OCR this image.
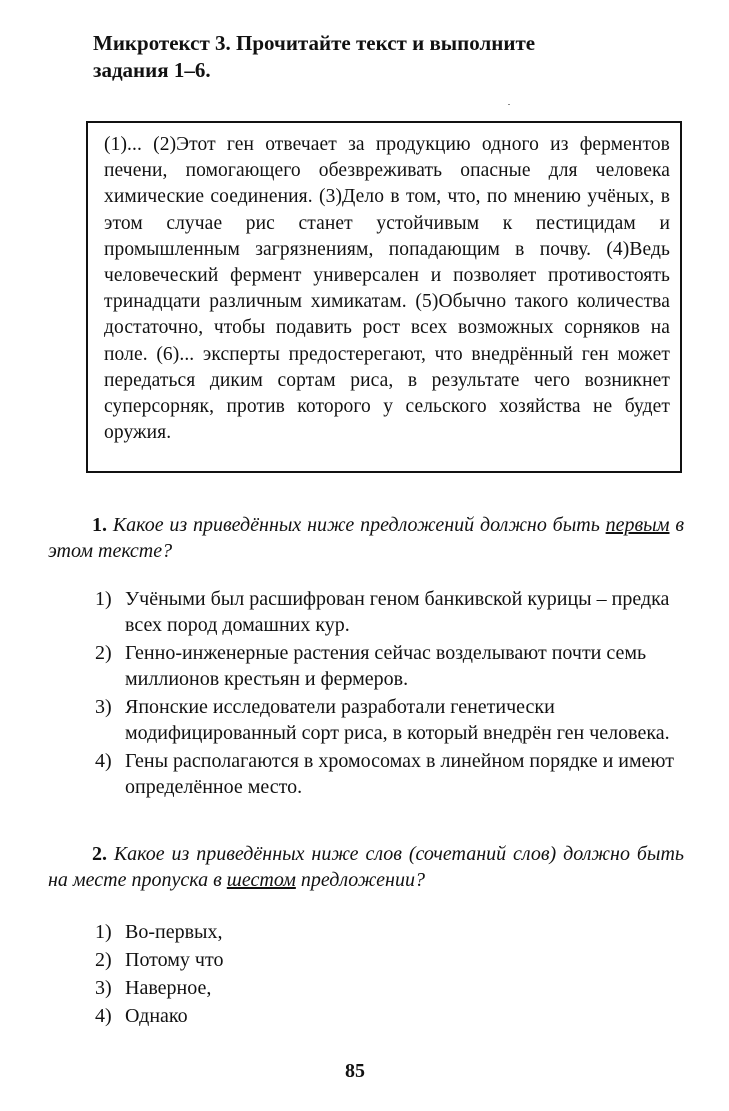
Микротекст 3. Прочитайте текст и выполните задания 1–6.

(1)... (2)Этот ген отвечает за продукцию одного из ферментов печени, помогающего обезвреживать опасные для человека химические соединения. (3)Дело в том, что, по мнению учёных, в этом случае рис станет устойчивым к пестицидам и промышленным загрязнениям, попадающим в почву. (4)Ведь человеческий фермент универсален и позволяет противостоять тринадцати различным химикатам. (5)Обычно такого количества достаточно, чтобы подавить рост всех возможных сорняков на поле. (6)... эксперты предостерегают, что внедрённый ген может передаться диким сортам риса, в результате чего возникнет суперсорняк, против которого у сельского хозяйства не будет оружия.

1. Какое из приведённых ниже предложений должно быть первым в этом тексте?
1) Учёными был расшифрован геном банкивской курицы – предка всех пород домашних кур.
2) Генно-инженерные растения сейчас возделывают почти семь миллионов крестьян и фермеров.
3) Японские исследователи разработали генетически модифицированный сорт риса, в который внедрён ген человека.
4) Гены располагаются в хромосомах в линейном порядке и имеют определённое место.
2. Какое из приведённых ниже слов (сочетаний слов) должно быть на месте пропуска в шестом предложении?
1) Во-первых,
2) Потому что
3) Наверное,
4) Однако
85
